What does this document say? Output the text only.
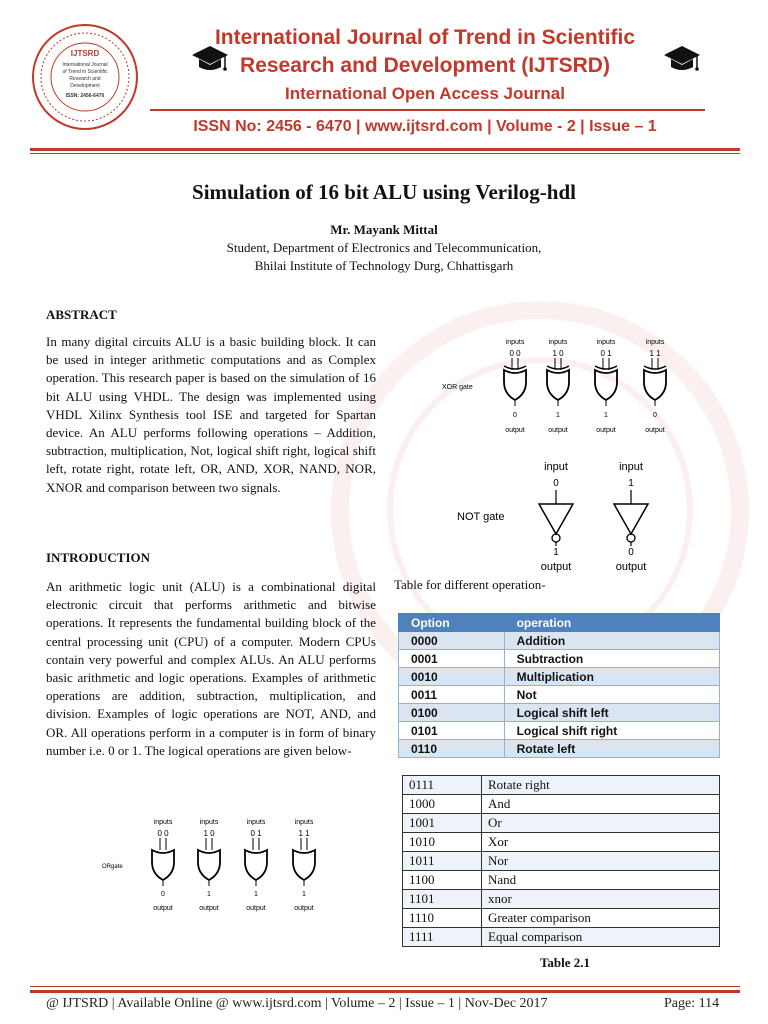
IJTSRD
International Journal
of Trend in Scientific
Research and
Development
ISSN: 2456-6470
International Journal of Trend in Scientific
Research and Development (IJTSRD)
International Open Access Journal
ISSN No: 2456 - 6470 | www.ijtsrd.com | Volume - 2 | Issue – 1
Simulation of 16 bit ALU using Verilog-hdl
Mr. Mayank Mittal
Student, Department of Electronics and Telecommunication,
Bhilai Institute of Technology Durg, Chhattisgarh
ABSTRACT
In many digital circuits ALU is a basic building block. It can be used in integer arithmetic computations and as Complex operation. This research paper is based on the simulation of 16 bit ALU using VHDL. The design was implemented using VHDL Xilinx Synthesis tool ISE and targeted for Spartan device. An ALU performs following operations – Addition, subtraction, multiplication, Not, logical shift right, logical shift left, rotate right, rotate left, OR, AND, XOR, NAND, NOR, XNOR and comparison between two signals.
INTRODUCTION
An arithmetic logic unit (ALU) is a combinational digital electronic circuit that performs arithmetic and bitwise operations. It represents the fundamental building block of the central processing unit (CPU) of a computer. Modern CPUs contain very powerful and complex ALUs. An ALU performs basic arithmetic and logic operations. Examples of arithmetic operations are addition, subtraction, multiplication, and division. Examples of logic operations are NOT, AND, and OR. All operations perform in a computer is in form of binary number i.e. 0 or 1. The logical operations are given below-
XOR gate
inputs
0 0
0
output
inputs
1 0
1
output
inputs
0 1
1
output
inputs
1 1
0
output
NOT gate
input
0
1
output
input
1
0
output
ORgate
inputs
0 0
0
output
inputs
1 0
1
output
inputs
0 1
1
output
inputs
1 1
1
output
Table for different operation-
Option	operation
0000	Addition
0001	Subtraction
0010	Multiplication
0011	Not
0100	Logical shift left
0101	Logical shift right
0110	Rotate left
0111	Rotate right
1000	And
1001	Or
1010	Xor
1011	Nor
1100	Nand
1101	xnor
1110	Greater comparison
1111	Equal comparison
Table 2.1
@ IJTSRD | Available Online @ www.ijtsrd.com | Volume – 2 | Issue – 1 | Nov-Dec 2017	Page: 114
